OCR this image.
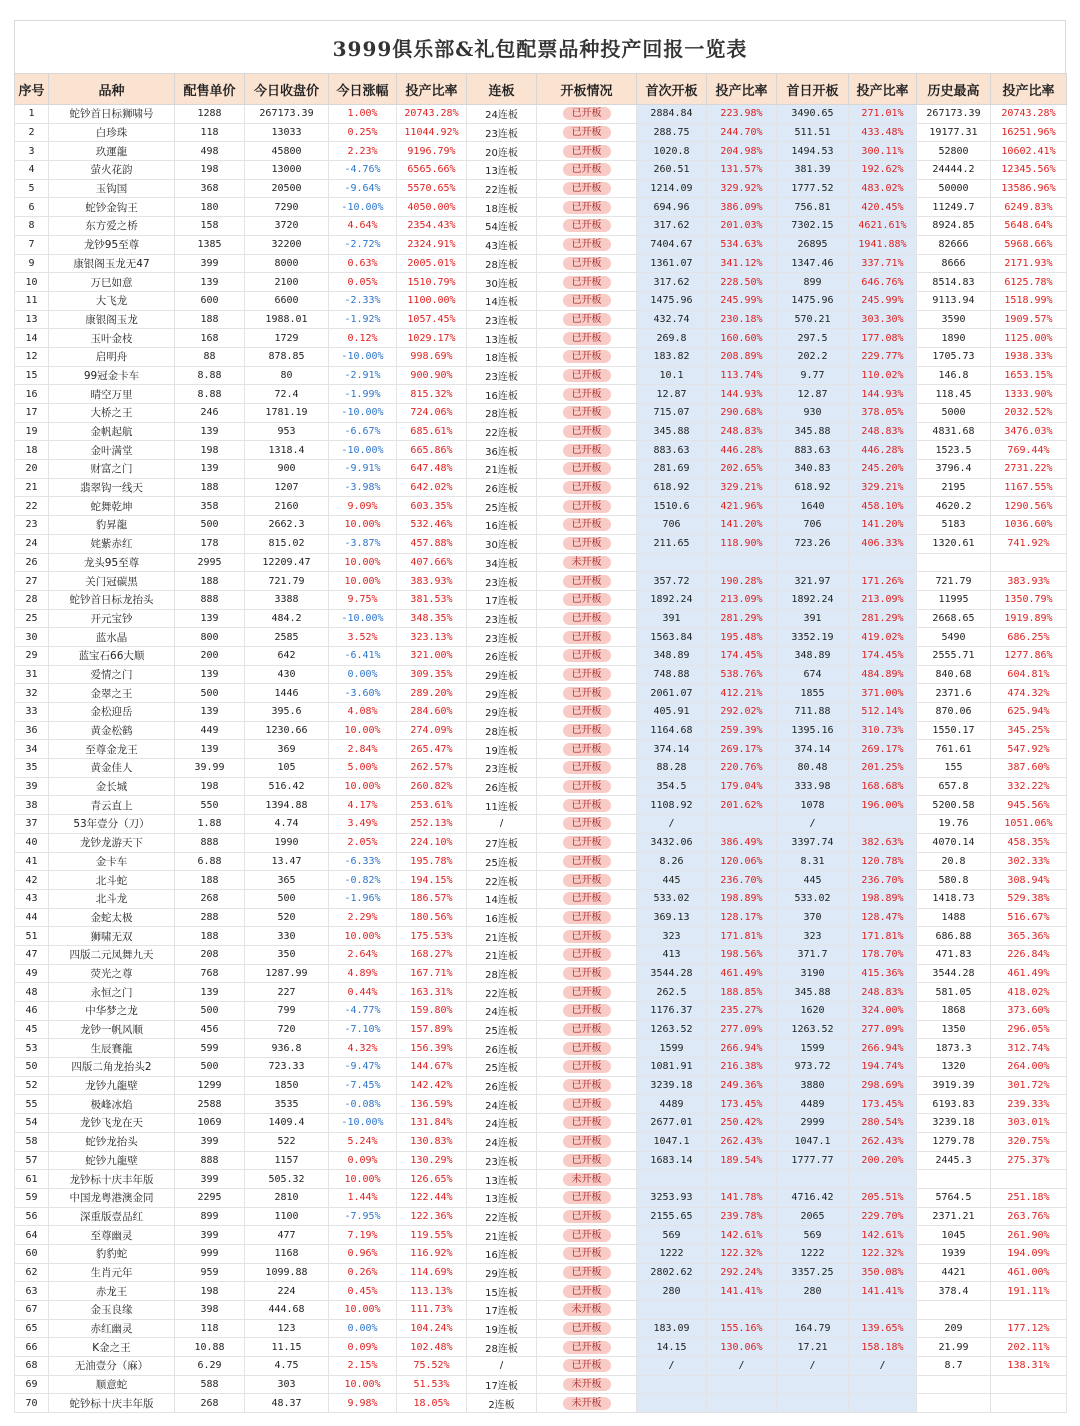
3999俱乐部&礼包配票品种投产回报一览表
序号	品种	配售单价	今日收盘价	今日涨幅	投产比率	连板	开板情况	首次开板	投产比率	首日开板	投产比率	历史最高	投产比率
1	蛇钞首日标狮啸号	1288	267173.39	1.00%	20743.28%	24连板	已开板	2884.84	223.98%	3490.65	271.01%	267173.39	20743.28%
2	白珍珠	118	13033	0.25%	11044.92%	23连板	已开板	288.75	244.70%	511.51	433.48%	19177.31	16251.96%
3	玖運龍	498	45800	2.23%	9196.79%	20连板	已开板	1020.8	204.98%	1494.53	300.11%	52800	10602.41%
4	萤火花韵	198	13000	-4.76%	6565.66%	13连板	已开板	260.51	131.57%	381.39	192.62%	24444.2	12345.56%
5	玉钩国	368	20500	-9.64%	5570.65%	22连板	已开板	1214.09	329.92%	1777.52	483.02%	50000	13586.96%
6	蛇钞金钩王	180	7290	-10.00%	4050.00%	18连板	已开板	694.96	386.09%	756.81	420.45%	11249.7	6249.83%
8	东方爱之桥	158	3720	4.64%	2354.43%	54连板	已开板	317.62	201.03%	7302.15	4621.61%	8924.85	5648.64%
7	龙钞95至尊	1385	32200	-2.72%	2324.91%	43连板	已开板	7404.67	534.63%	26895	1941.88%	82666	5968.66%
9	康银阁玉龙无47	399	8000	0.63%	2005.01%	28连板	已开板	1361.07	341.12%	1347.46	337.71%	8666	2171.93%
10	万巳如意	139	2100	0.05%	1510.79%	30连板	已开板	317.62	228.50%	899	646.76%	8514.83	6125.78%
11	大飞龙	600	6600	-2.33%	1100.00%	14连板	已开板	1475.96	245.99%	1475.96	245.99%	9113.94	1518.99%
13	康银阁玉龙	188	1988.01	-1.92%	1057.45%	23连板	已开板	432.74	230.18%	570.21	303.30%	3590	1909.57%
14	玉叶金枝	168	1729	0.12%	1029.17%	13连板	已开板	269.8	160.60%	297.5	177.08%	1890	1125.00%
12	启明舟	88	878.85	-10.00%	998.69%	18连板	已开板	183.82	208.89%	202.2	229.77%	1705.73	1938.33%
15	99冠金卡车	8.88	80	-2.91%	900.90%	23连板	已开板	10.1	113.74%	9.77	110.02%	146.8	1653.15%
16	晴空万里	8.88	72.4	-1.99%	815.32%	16连板	已开板	12.87	144.93%	12.87	144.93%	118.45	1333.90%
17	大桥之王	246	1781.19	-10.00%	724.06%	28连板	已开板	715.07	290.68%	930	378.05%	5000	2032.52%
19	金帆起航	139	953	-6.67%	685.61%	22连板	已开板	345.88	248.83%	345.88	248.83%	4831.68	3476.03%
18	金叶满堂	198	1318.4	-10.00%	665.86%	36连板	已开板	883.63	446.28%	883.63	446.28%	1523.5	769.44%
20	财富之门	139	900	-9.91%	647.48%	21连板	已开板	281.69	202.65%	340.83	245.20%	3796.4	2731.22%
21	翡翠钩一线天	188	1207	-3.98%	642.02%	26连板	已开板	618.92	329.21%	618.92	329.21%	2195	1167.55%
22	蛇舞乾坤	358	2160	9.09%	603.35%	25连板	已开板	1510.6	421.96%	1640	458.10%	4620.2	1290.56%
23	豹昇龍	500	2662.3	10.00%	532.46%	16连板	已开板	706	141.20%	706	141.20%	5183	1036.60%
24	姹紫赤红	178	815.02	-3.87%	457.88%	30连板	已开板	211.65	118.90%	723.26	406.33%	1320.61	741.92%
26	龙头95至尊	2995	12209.47	10.00%	407.66%	34连板	未开板						
27	关门冠碳黑	188	721.79	10.00%	383.93%	23连板	已开板	357.72	190.28%	321.97	171.26%	721.79	383.93%
28	蛇钞首日标龙抬头	888	3388	9.75%	381.53%	17连板	已开板	1892.24	213.09%	1892.24	213.09%	11995	1350.79%
25	开元宝钞	139	484.2	-10.00%	348.35%	23连板	已开板	391	281.29%	391	281.29%	2668.65	1919.89%
30	蓝水晶	800	2585	3.52%	323.13%	23连板	已开板	1563.84	195.48%	3352.19	419.02%	5490	686.25%
29	蓝宝石66大顺	200	642	-6.41%	321.00%	26连板	已开板	348.89	174.45%	348.89	174.45%	2555.71	1277.86%
31	爱情之门	139	430	0.00%	309.35%	29连板	已开板	748.88	538.76%	674	484.89%	840.68	604.81%
32	金翠之王	500	1446	-3.60%	289.20%	29连板	已开板	2061.07	412.21%	1855	371.00%	2371.6	474.32%
33	金松迎岳	139	395.6	4.08%	284.60%	29连板	已开板	405.91	292.02%	711.88	512.14%	870.06	625.94%
36	黄金松鹤	449	1230.66	10.00%	274.09%	28连板	已开板	1164.68	259.39%	1395.16	310.73%	1550.17	345.25%
34	至尊金龙王	139	369	2.84%	265.47%	19连板	已开板	374.14	269.17%	374.14	269.17%	761.61	547.92%
35	黄金佳人	39.99	105	5.00%	262.57%	23连板	已开板	88.28	220.76%	80.48	201.25%	155	387.60%
39	金长城	198	516.42	10.00%	260.82%	26连板	已开板	354.5	179.04%	333.98	168.68%	657.8	332.22%
38	青云直上	550	1394.88	4.17%	253.61%	11连板	已开板	1108.92	201.62%	1078	196.00%	5200.58	945.56%
37	53年壹分（刀）	1.88	4.74	3.49%	252.13%	/	已开板	/		/		19.76	1051.06%
40	龙钞龙游天下	888	1990	2.05%	224.10%	27连板	已开板	3432.06	386.49%	3397.74	382.63%	4070.14	458.35%
41	金卡车	6.88	13.47	-6.33%	195.78%	25连板	已开板	8.26	120.06%	8.31	120.78%	20.8	302.33%
42	北斗蛇	188	365	-0.82%	194.15%	22连板	已开板	445	236.70%	445	236.70%	580.8	308.94%
43	北斗龙	268	500	-1.96%	186.57%	14连板	已开板	533.02	198.89%	533.02	198.89%	1418.73	529.38%
44	金蛇太极	288	520	2.29%	180.56%	16连板	已开板	369.13	128.17%	370	128.47%	1488	516.67%
51	狮啸无双	188	330	10.00%	175.53%	21连板	已开板	323	171.81%	323	171.81%	686.88	365.36%
47	四版二元凤舞九天	208	350	2.64%	168.27%	21连板	已开板	413	198.56%	371.7	178.70%	471.83	226.84%
49	荧光之尊	768	1287.99	4.89%	167.71%	28连板	已开板	3544.28	461.49%	3190	415.36%	3544.28	461.49%
48	永恒之门	139	227	0.44%	163.31%	22连板	已开板	262.5	188.85%	345.88	248.83%	581.05	418.02%
46	中华梦之龙	500	799	-4.77%	159.80%	24连板	已开板	1176.37	235.27%	1620	324.00%	1868	373.60%
45	龙钞一帆风顺	456	720	-7.10%	157.89%	25连板	已开板	1263.52	277.09%	1263.52	277.09%	1350	296.05%
53	生辰賽龍	599	936.8	4.32%	156.39%	26连板	已开板	1599	266.94%	1599	266.94%	1873.3	312.74%
50	四版二角龙抬头2	500	723.33	-9.47%	144.67%	25连板	已开板	1081.91	216.38%	973.72	194.74%	1320	264.00%
52	龙钞九龍壁	1299	1850	-7.45%	142.42%	26连板	已开板	3239.18	249.36%	3880	298.69%	3919.39	301.72%
55	极峰冰焰	2588	3535	-0.08%	136.59%	24连板	已开板	4489	173.45%	4489	173.45%	6193.83	239.33%
54	龙钞飞龙在天	1069	1409.4	-10.00%	131.84%	24连板	已开板	2677.01	250.42%	2999	280.54%	3239.18	303.01%
58	蛇钞龙抬头	399	522	5.24%	130.83%	24连板	已开板	1047.1	262.43%	1047.1	262.43%	1279.78	320.75%
57	蛇钞九龍壁	888	1157	0.09%	130.29%	23连板	已开板	1683.14	189.54%	1777.77	200.20%	2445.3	275.37%
61	龙钞标十庆丰年版	399	505.32	10.00%	126.65%	13连板	未开板						
59	中国龙粤港澳金同	2295	2810	1.44%	122.44%	13连板	已开板	3253.93	141.78%	4716.42	205.51%	5764.5	251.18%
56	深重版壹品红	899	1100	-7.95%	122.36%	22连板	已开板	2155.65	239.78%	2065	229.70%	2371.21	263.76%
64	至尊幽灵	399	477	7.19%	119.55%	21连板	已开板	569	142.61%	569	142.61%	1045	261.90%
60	豹豹蛇	999	1168	0.96%	116.92%	16连板	已开板	1222	122.32%	1222	122.32%	1939	194.09%
62	生肖元年	959	1099.88	0.26%	114.69%	29连板	已开板	2802.62	292.24%	3357.25	350.08%	4421	461.00%
63	赤龙王	198	224	0.45%	113.13%	15连板	已开板	280	141.41%	280	141.41%	378.4	191.11%
67	金玉良缘	398	444.68	10.00%	111.73%	17连板	未开板						
65	赤红幽灵	118	123	0.00%	104.24%	19连板	已开板	183.09	155.16%	164.79	139.65%	209	177.12%
66	K金之王	10.88	11.15	0.09%	102.48%	28连板	已开板	14.15	130.06%	17.21	158.18%	21.99	202.11%
68	无油壹分（麻）	6.29	4.75	2.15%	75.52%	/	已开板	/	/	/	/	8.7	138.31%
69	顺意蛇	588	303	10.00%	51.53%	17连板	未开板						
70	蛇钞标十庆丰年版	268	48.37	9.98%	18.05%	2连板	未开板						
